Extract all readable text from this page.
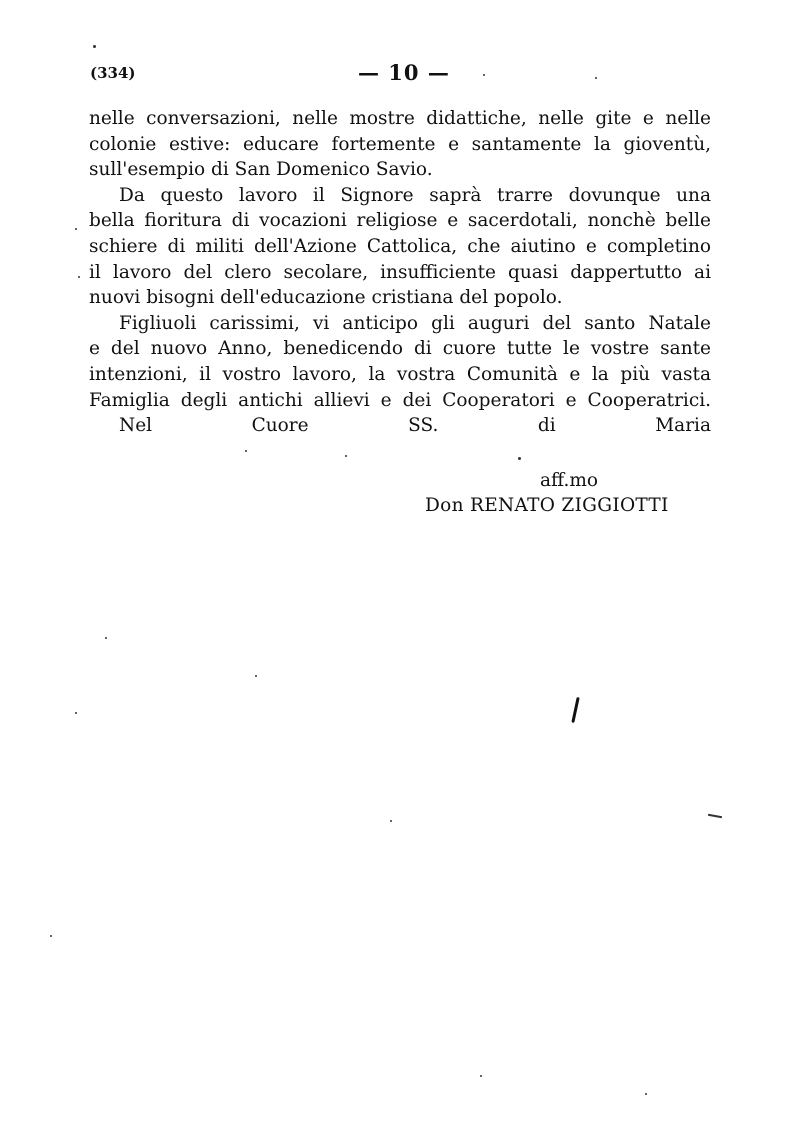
(334)	— 10 —

nelle conversazioni, nelle mostre didattiche, nelle gite e nelle

colonie estive: educare fortemente e santamente la gioventù,

sull'esempio di San Domenico Savio.

Da questo lavoro il Signore saprà trarre dovunque una

bella fioritura di vocazioni religiose e sacerdotali, nonchè belle

schiere di militi dell'Azione Cattolica, che aiutino e completino

il lavoro del clero secolare, insufficiente quasi dappertutto ai

nuovi bisogni dell'educazione cristiana del popolo.

Figliuoli carissimi, vi anticipo gli auguri del santo Natale

e del nuovo Anno, benedicendo di cuore tutte le vostre sante

intenzioni, il vostro lavoro, la vostra Comunità e la più vasta

Famiglia degli antichi allievi e dei Cooperatori e Cooperatrici.

Nel Cuore SS. di Maria

aff.mo
Don RENATO ZIGGIOTTI
